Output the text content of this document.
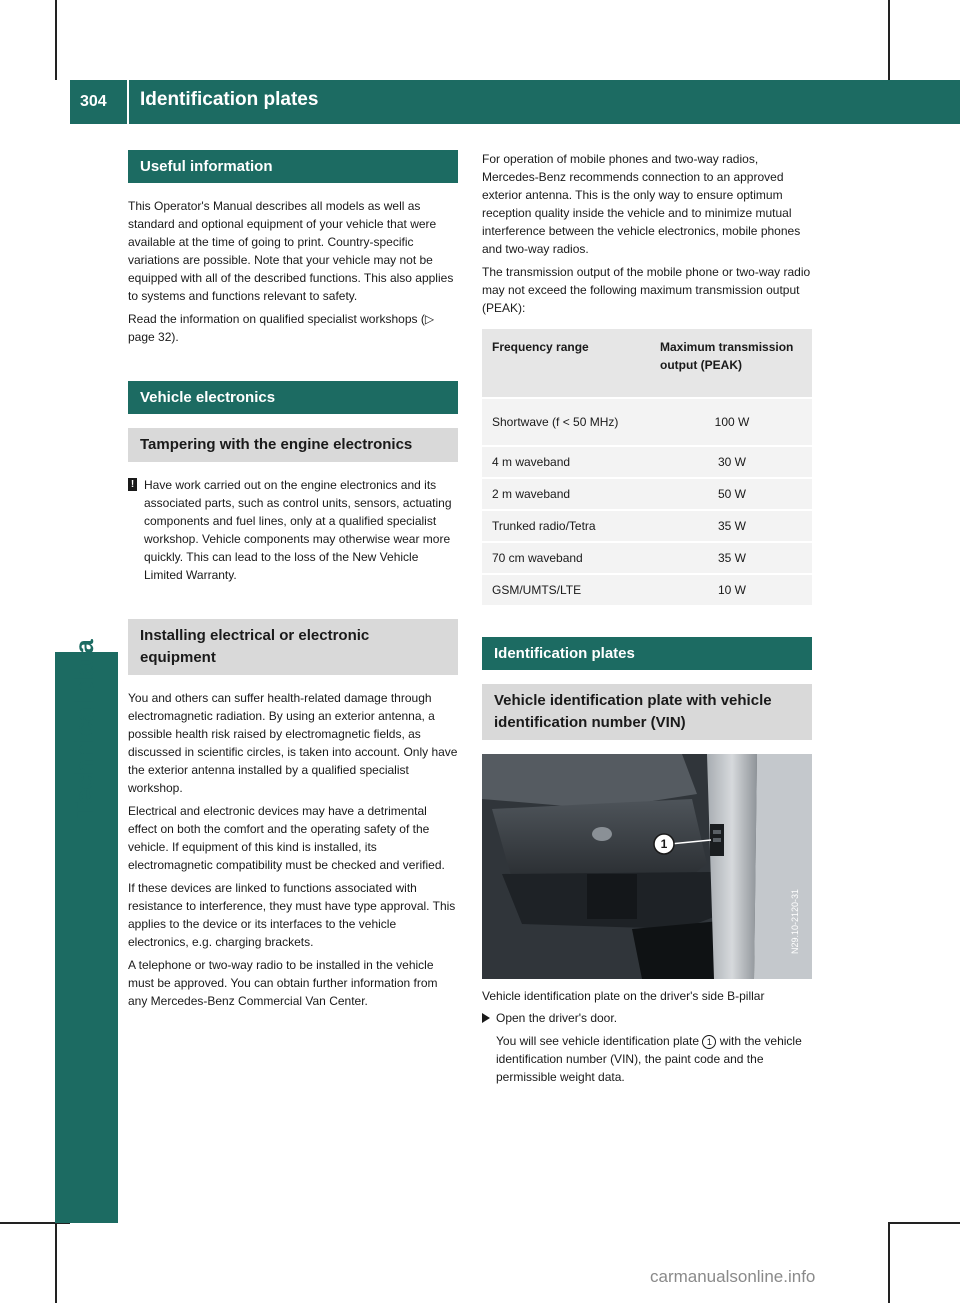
304 Identification plates
Technical data
Useful information

This Operator's Manual describes all models as well as standard and optional equipment of your vehicle that were available at the time of going to print. Country-specific variations are possible. Note that your vehicle may not be equipped with all of the described functions. This also applies to systems and functions relevant to safety.

Read the information on qualified specialist workshops (▷ page 32).

Vehicle electronics
Tampering with the engine electronics

! Have work carried out on the engine electronics and its associated parts, such as control units, sensors, actuating components and fuel lines, only at a qualified specialist workshop. Vehicle components may otherwise wear more quickly. This can lead to the loss of the New Vehicle Limited Warranty.

Installing electrical or electronic equipment

You and others can suffer health-related damage through electromagnetic radiation. By using an exterior antenna, a possible health risk raised by electromagnetic fields, as discussed in scientific circles, is taken into account. Only have the exterior antenna installed by a qualified specialist workshop.

Electrical and electronic devices may have a detrimental effect on both the comfort and the operating safety of the vehicle. If equipment of this kind is installed, its electromagnetic compatibility must be checked and verified.

If these devices are linked to functions associated with resistance to interference, they must have type approval. This applies to the device or its interfaces to the vehicle electronics, e.g. charging brackets.

A telephone or two-way radio to be installed in the vehicle must be approved. You can obtain further information from any Mercedes-Benz Commercial Van Center.

For operation of mobile phones and two-way radios, Mercedes-Benz recommends connection to an approved exterior antenna. This is the only way to ensure optimum reception quality inside the vehicle and to minimize mutual interference between the vehicle electronics, mobile phones and two-way radios.

The transmission output of the mobile phone or two-way radio may not exceed the following maximum transmission output (PEAK):

Frequency range	Maximum transmission output (PEAK)
Shortwave (f < 50 MHz)	100 W
4 m waveband	30 W
2 m waveband	50 W
Trunked radio/Tetra	35 W
70 cm waveband	35 W
GSM/UMTS/LTE	10 W
Identification plates
Vehicle identification plate with vehicle identification number (VIN)
1
N29.10-2120-31

Vehicle identification plate on the driver's side B-pillar

Open the driver's door.

You will see vehicle identification plate 1 with the vehicle identification number (VIN), the paint code and the permissible weight data.

carmanualsonline.info
